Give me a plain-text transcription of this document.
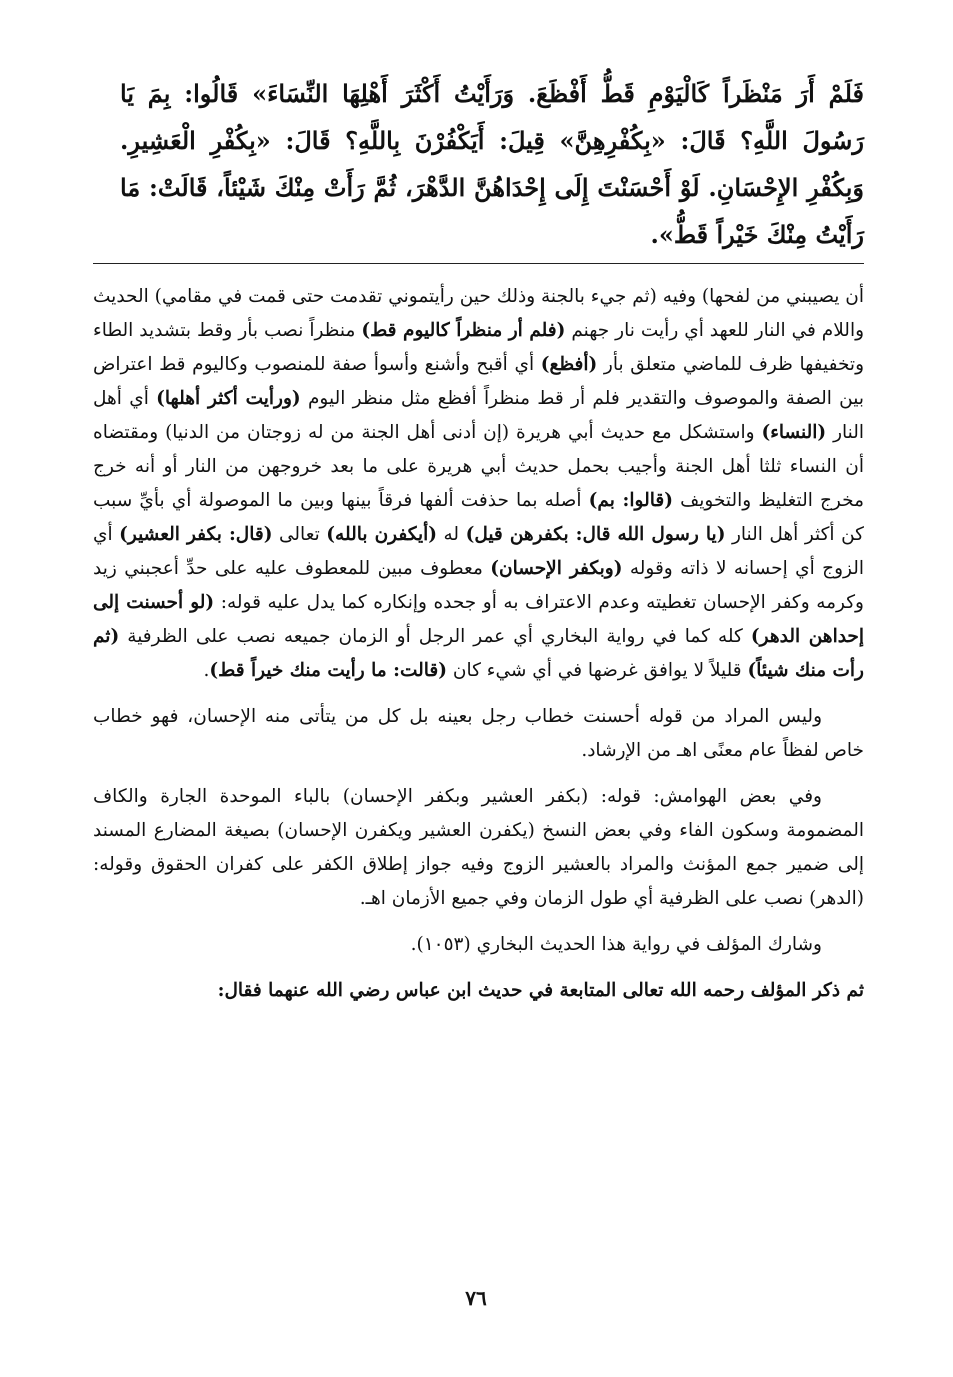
فَلَمْ أَرَ مَنْظَراً كَالْيَوْمِ قَطُّ أَفْظَعَ. وَرَأَيْتُ أَكْثَرَ أَهْلِهَا النِّسَاءَ» قَالُوا: بِمَ يَا رَسُولَ اللَّهِ؟ قَالَ: «بِكُفْرِهِنَّ» قِيلَ: أَيَكْفُرْنَ بِاللَّهِ؟ قَالَ: «بِكُفْرِ الْعَشِيرِ. وَبِكُفْرِ الإِحْسَانِ. لَوْ أَحْسَنْتَ إِلَى إِحْدَاهُنَّ الدَّهْرَ، ثُمَّ رَأَتْ مِنْكَ شَيْئاً، قَالَتْ: مَا رَأَيْتُ مِنْكَ خَيْراً قَطُّ».

أن يصيبني من لفحها) وفيه (ثم جيء بالجنة وذلك حين رأيتموني تقدمت حتى قمت في مقامي) الحديث واللام في النار للعهد أي رأيت نار جهنم (فلم أر منظراً كاليوم قط) منظراً نصب بأر وقط بتشديد الطاء وتخفيفها ظرف للماضي متعلق بأر (أفظع) أي أقبح وأشنع وأسوأ صفة للمنصوب وكاليوم قط اعتراض بين الصفة والموصوف والتقدير فلم أر قط منظراً أفظع مثل منظر اليوم (ورأيت أكثر أهلها) أي أهل النار (النساء) واستشكل مع حديث أبي هريرة (إن أدنى أهل الجنة من له زوجتان من الدنيا) ومقتضاه أن النساء ثلثا أهل الجنة وأجيب بحمل حديث أبي هريرة على ما بعد خروجهن من النار أو أنه خرج مخرج التغليظ والتخويف (قالوا: بم) أصله بما حذفت ألفها فرقاً بينها وبين ما الموصولة أي بأيِّ سبب كن أكثر أهل النار (يا رسول الله قال: بكفرهن قيل) له (أيكفرن بالله) تعالى (قال: بكفر العشير) أي الزوج أي إحسانه لا ذاته وقوله (وبكفر الإحسان) معطوف مبين للمعطوف عليه على حدِّ أعجبني زيد وكرمه وكفر الإحسان تغطيته وعدم الاعتراف به أو جحده وإنكاره كما يدل عليه قوله: (لو أحسنت إلى إحداهن الدهر) كله كما في رواية البخاري أي عمر الرجل أو الزمان جميعه نصب على الظرفية (ثم رأت منك شيئاً) قليلاً لا يوافق غرضها في أي شيء كان (قالت: ما رأيت منك خيراً قط).

وليس المراد من قوله أحسنت خطاب رجل بعينه بل كل من يتأتى منه الإحسان، فهو خطاب خاص لفظاً عام معنًى اهـ من الإرشاد.

وفي بعض الهوامش: قوله: (بكفر العشير وبكفر الإحسان) بالباء الموحدة الجارة والكاف المضمومة وسكون الفاء وفي بعض النسخ (يكفرن العشير ويكفرن الإحسان) بصيغة المضارع المسند إلى ضمير جمع المؤنث والمراد بالعشير الزوج وفيه جواز إطلاق الكفر على كفران الحقوق وقوله: (الدهر) نصب على الظرفية أي طول الزمان وفي جميع الأزمان اهـ.

وشارك المؤلف في رواية هذا الحديث البخاري (١٠٥٣).

ثم ذكر المؤلف رحمه الله تعالى المتابعة في حديث ابن عباس رضي الله عنهما فقال:

٧٦
